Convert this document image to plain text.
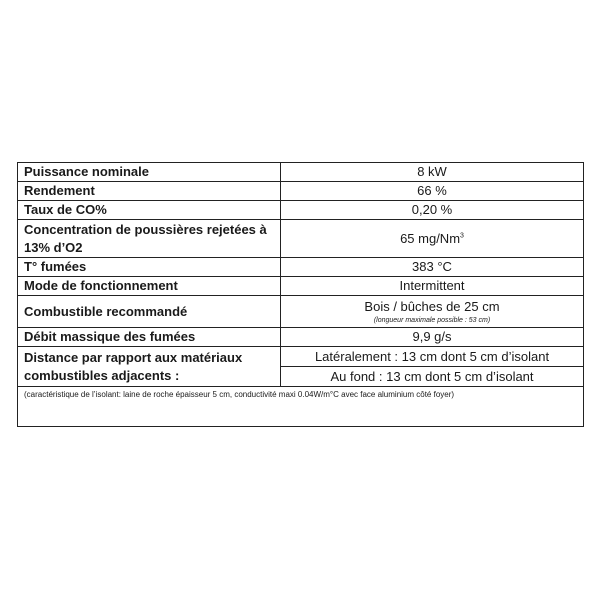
Puissance nominale	8 kW
Rendement	66 %
Taux de CO%	0,20 %
Concentration de poussières rejetées à 13% d’O2	65 mg/Nm$^3$
T° fumées	383 °C
Mode de fonctionnement	Intermittent
Combustible recommandé	Bois / bûches de 25 cm
(longueur maximale possible : 53 cm)

Débit massique des fumées	9,9 g/s
Distance par rapport aux matériaux combustibles adjacents :	Latéralement : 13 cm dont 5 cm d’isolant
Au fond : 13 cm dont 5 cm d’isolant

(caractéristique de l’isolant: laine de roche épaisseur 5 cm, conductivité maxi 0.04W/m°C avec face aluminium côté foyer)	
